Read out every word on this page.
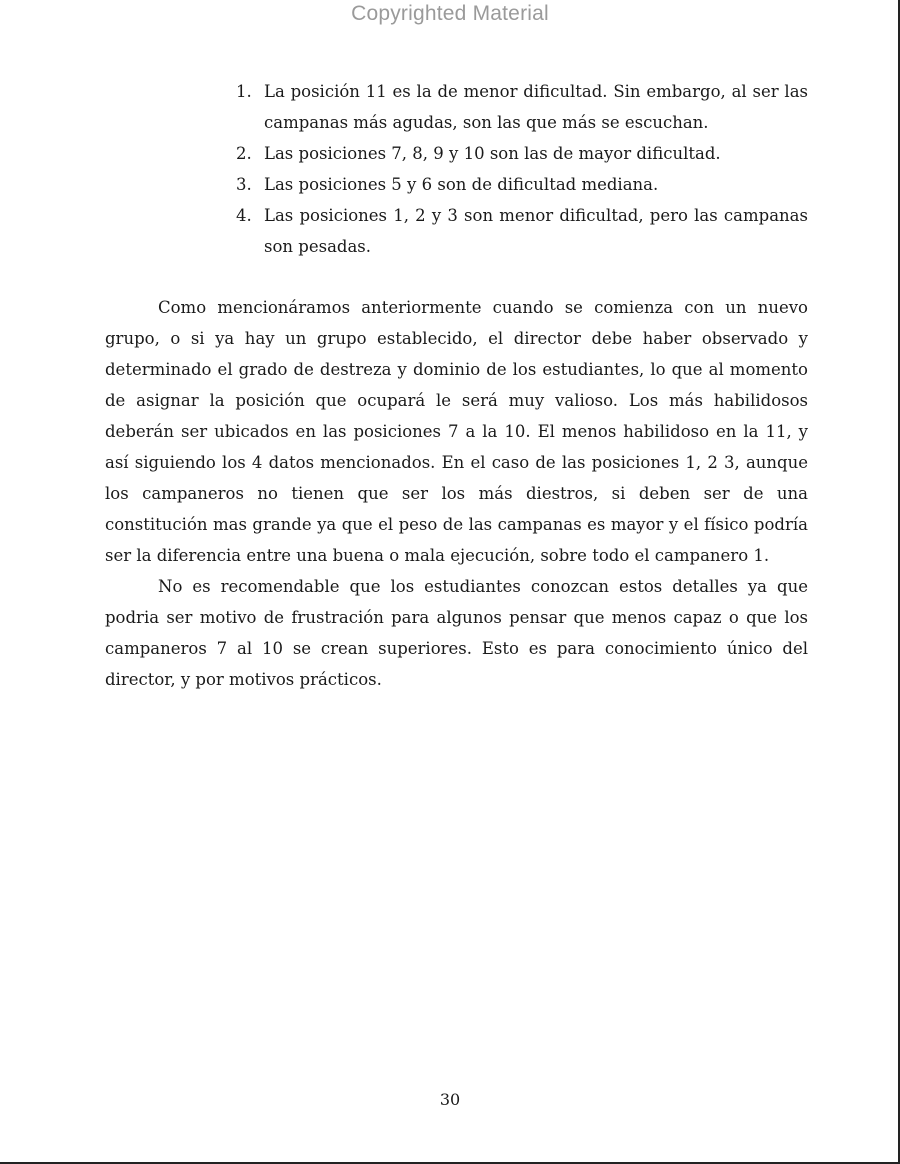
Copyrighted Material
1. La posición 11 es la de menor dificultad. Sin embargo, al ser las campanas más agudas, son las que más se escuchan.
2. Las posiciones 7, 8, 9 y 10 son las de mayor dificultad.
3. Las posiciones 5 y 6 son de dificultad mediana.
4. Las posiciones 1, 2 y 3 son menor dificultad, pero las campanas son pesadas.

Como mencionáramos anteriormente cuando se comienza con un nuevo grupo, o si ya hay un grupo establecido, el director debe haber observado y determinado el grado de destreza y dominio de los estudiantes, lo que al momento de asignar la posición que ocupará le será muy valioso. Los más habilidosos deberán ser ubicados en las posiciones 7 a la 10. El menos habilidoso en la 11, y así siguiendo los 4 datos mencionados. En el caso de las posiciones 1, 2 3, aunque los campaneros no tienen que ser los más diestros, si deben ser de una constitución mas grande ya que el peso de las campanas es mayor y el físico podría ser la diferencia entre una buena o mala ejecución, sobre todo el campanero 1.

No es recomendable que los estudiantes conozcan estos detalles ya que podria ser motivo de frustración para algunos pensar que menos capaz o que los campaneros 7 al 10 se crean superiores. Esto es para conocimiento único del director, y por motivos prácticos.

30
